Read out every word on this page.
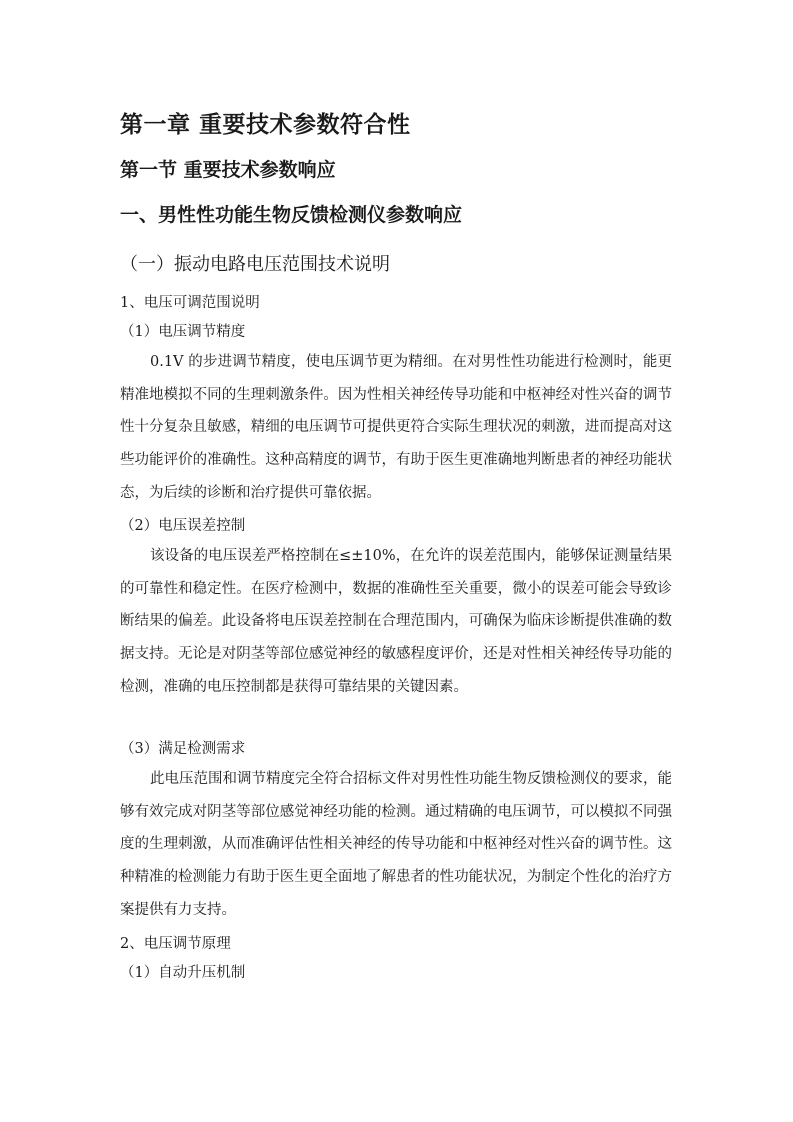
第一章 重要技术参数符合性
第一节 重要技术参数响应
一、男性性功能生物反馈检测仪参数响应
（一）振动电路电压范围技术说明
1、电压可调范围说明
（1）电压调节精度

0.1V 的步进调节精度，使电压调节更为精细。在对男性性功能进行检测时，能更精准地模拟不同的生理刺激条件。因为性相关神经传导功能和中枢神经对性兴奋的调节性十分复杂且敏感，精细的电压调节可提供更符合实际生理状况的刺激，进而提高对这些功能评价的准确性。这种高精度的调节，有助于医生更准确地判断患者的神经功能状态，为后续的诊断和治疗提供可靠依据。

（2）电压误差控制

该设备的电压误差严格控制在≤±10%，在允许的误差范围内，能够保证测量结果的可靠性和稳定性。在医疗检测中，数据的准确性至关重要，微小的误差可能会导致诊断结果的偏差。此设备将电压误差控制在合理范围内，可确保为临床诊断提供准确的数据支持。无论是对阴茎等部位感觉神经的敏感程度评价，还是对性相关神经传导功能的检测，准确的电压控制都是获得可靠结果的关键因素。

（3）满足检测需求

此电压范围和调节精度完全符合招标文件对男性性功能生物反馈检测仪的要求，能够有效完成对阴茎等部位感觉神经功能的检测。通过精确的电压调节，可以模拟不同强度的生理刺激，从而准确评估性相关神经的传导功能和中枢神经对性兴奋的调节性。这种精准的检测能力有助于医生更全面地了解患者的性功能状况，为制定个性化的治疗方案提供有力支持。

2、电压调节原理
（1）自动升压机制
